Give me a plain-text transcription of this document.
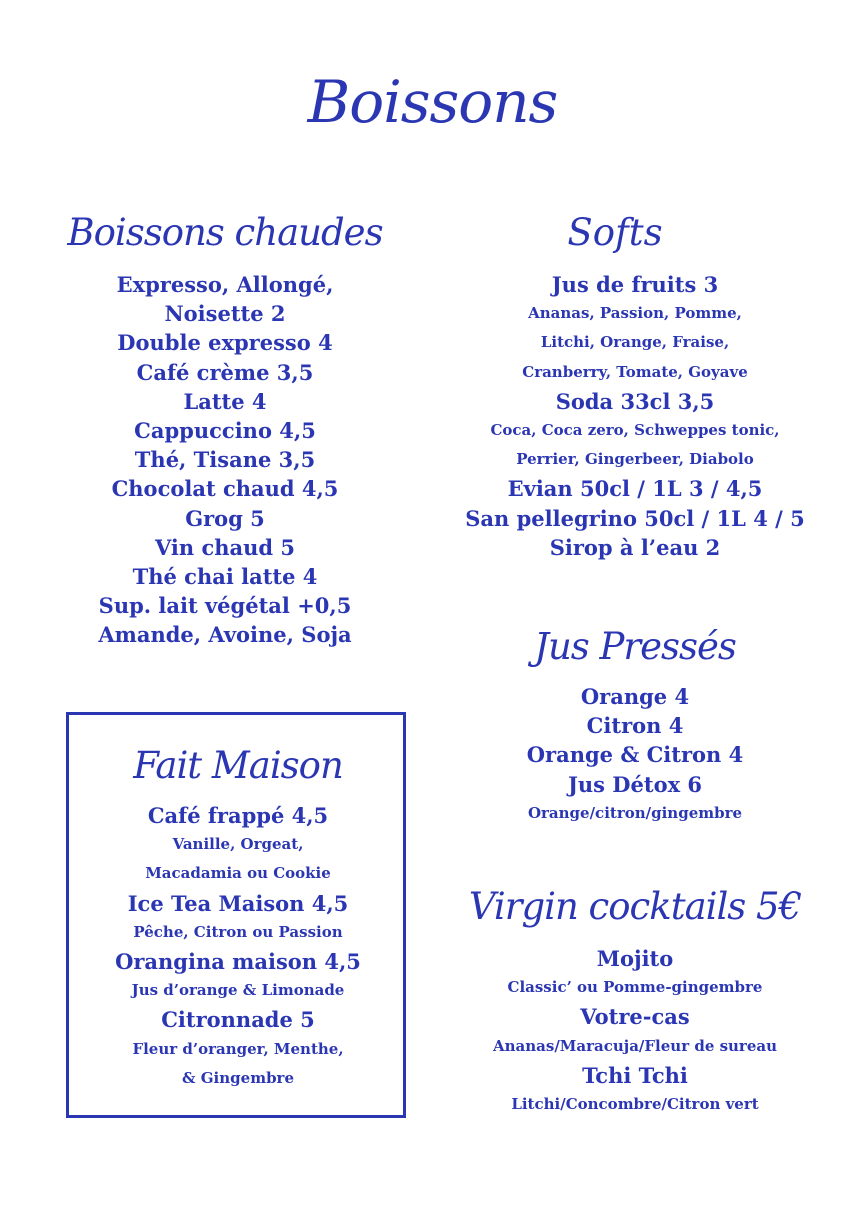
Boissons
Boissons chaudes
Expresso, Allongé,
Noisette 2
Double expresso 4
Café crème 3,5
Latte 4
Cappuccino 4,5
Thé, Tisane 3,5
Chocolat chaud 4,5
Grog 5
Vin chaud 5
Thé chai latte 4
Sup. lait végétal +0,5
Amande, Avoine, Soja
Softs
Jus de fruits 3
Ananas, Passion, Pomme,
Litchi, Orange, Fraise,
Cranberry, Tomate, Goyave
Soda 33cl 3,5
Coca, Coca zero, Schweppes tonic,
Perrier, Gingerbeer, Diabolo
Evian 50cl / 1L 3 / 4,5
San pellegrino 50cl / 1L 4 / 5
Sirop à l’eau 2
Jus Pressés
Orange 4
Citron 4
Orange & Citron 4
Jus Détox 6
Orange/citron/gingembre
Fait Maison
Café frappé 4,5
Vanille, Orgeat,
Macadamia ou Cookie
Ice Tea Maison 4,5
Pêche, Citron ou Passion
Orangina maison 4,5
Jus d’orange & Limonade
Citronnade 5
Fleur d’oranger, Menthe,
& Gingembre
Virgin cocktails 5€
Mojito
Classic’ ou Pomme-gingembre
Votre-cas
Ananas/Maracuja/Fleur de sureau
Tchi Tchi
Litchi/Concombre/Citron vert
